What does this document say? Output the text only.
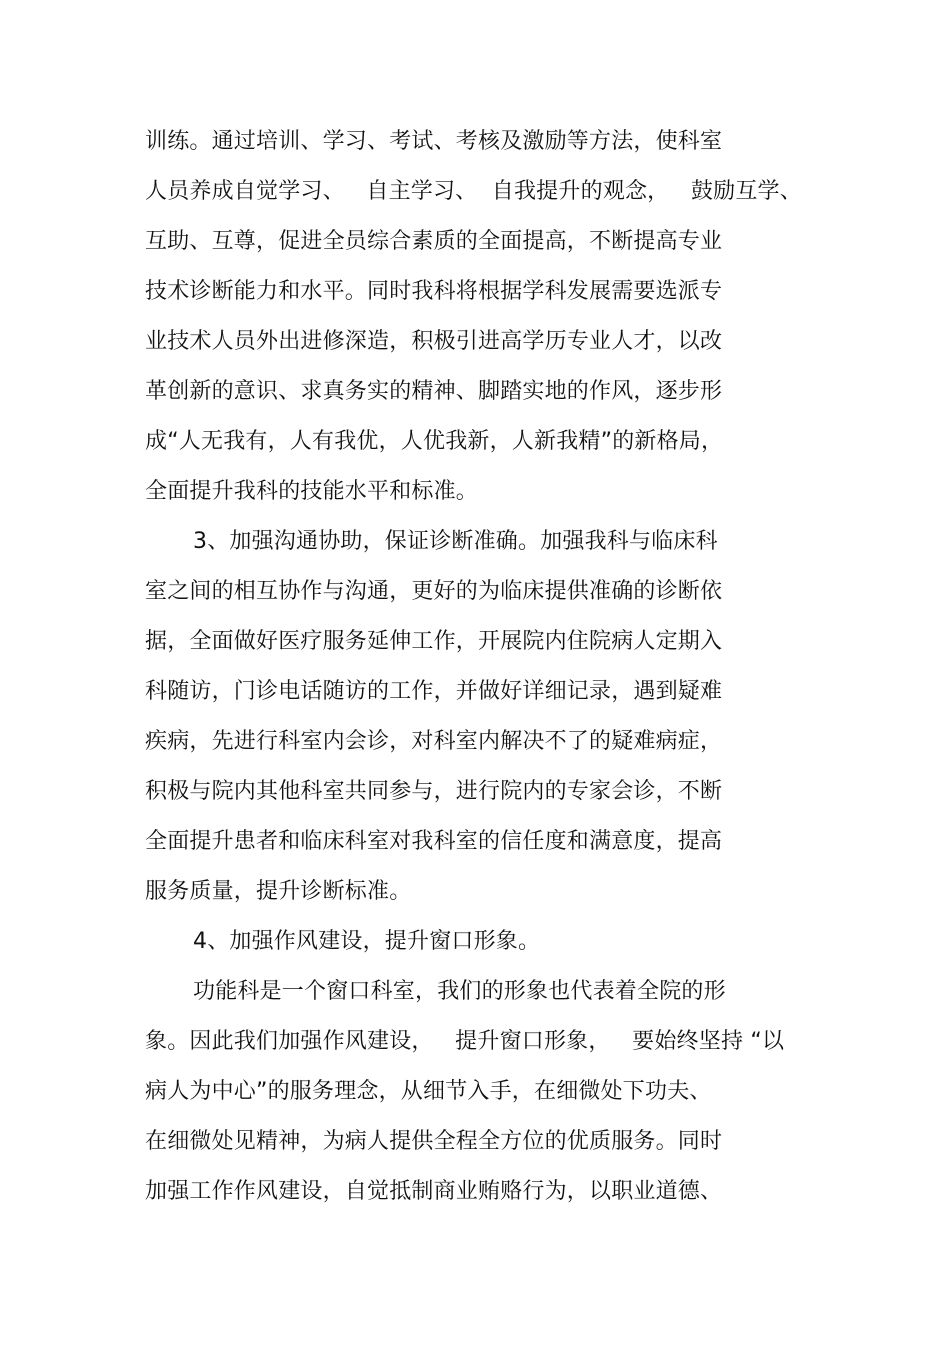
训练。通过培训、学习、考试、考核及激励等方法，使科室
人员养成自觉学习、   自主学习、  自我提升的观念，   鼓励互学、
互助、互尊，促进全员综合素质的全面提高，不断提高专业
技术诊断能力和水平。同时我科将根据学科发展需要选派专
业技术人员外出进修深造，积极引进高学历专业人才，以改
革创新的意识、求真务实的精神、脚踏实地的作风，逐步形
成“人无我有，人有我优，人优我新，人新我精”的新格局，
全面提升我科的技能水平和标准。
3、加强沟通协助，保证诊断准确。加强我科与临床科
室之间的相互协作与沟通，更好的为临床提供准确的诊断依
据，全面做好医疗服务延伸工作，开展院内住院病人定期入
科随访，门诊电话随访的工作，并做好详细记录，遇到疑难
疾病，先进行科室内会诊，对科室内解决不了的疑难病症，
积极与院内其他科室共同参与，进行院内的专家会诊，不断
全面提升患者和临床科室对我科室的信任度和满意度，提高
服务质量，提升诊断标准。
4、加强作风建设，提升窗口形象。
功能科是一个窗口科室，我们的形象也代表着全院的形
象。因此我们加强作风建设，   提升窗口形象，   要始终坚持 “以
病人为中心”的服务理念，从细节入手，在细微处下功夫、
在细微处见精神，为病人提供全程全方位的优质服务。同时
加强工作作风建设，自觉抵制商业贿赂行为，以职业道德、
